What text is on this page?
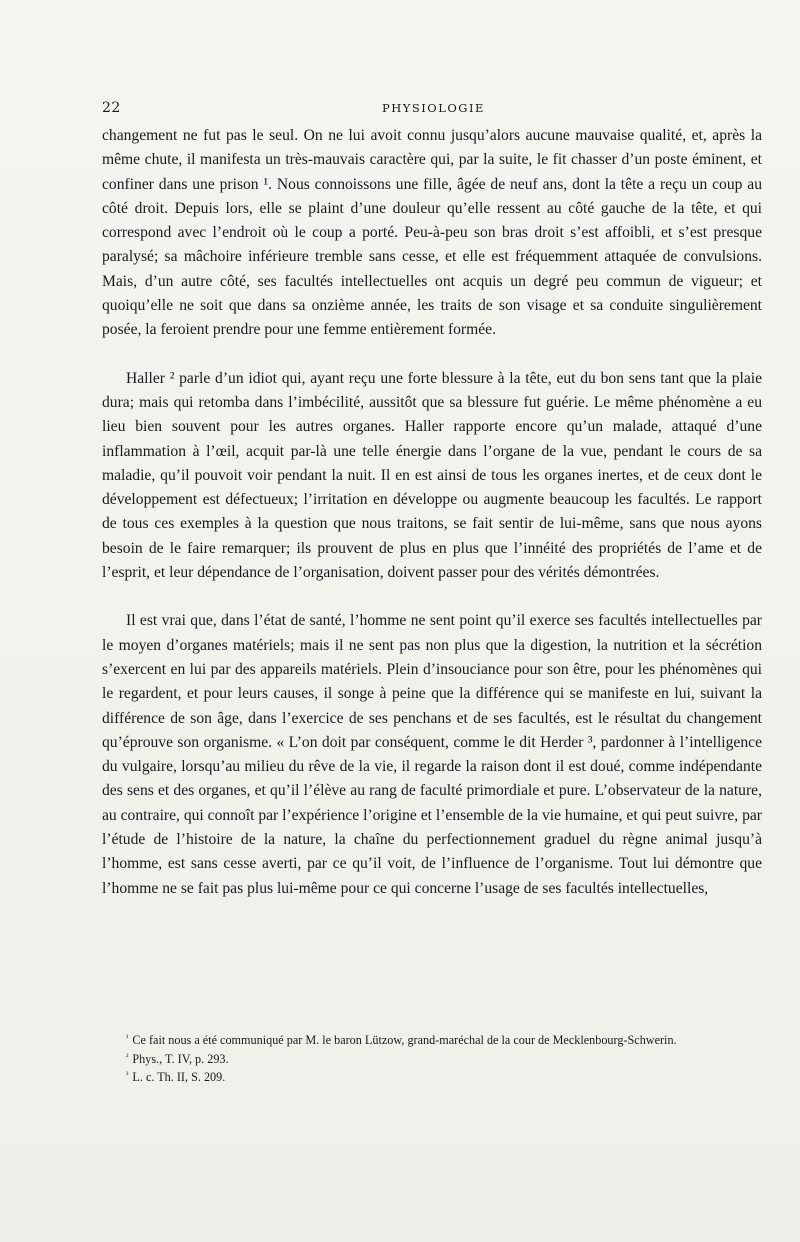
22	PHYSIOLOGIE

changement ne fut pas le seul. On ne lui avoit connu jusqu’alors aucune mauvaise qualité, et, après la même chute, il manifesta un très-mauvais caractère qui, par la suite, le fit chasser d’un poste éminent, et confiner dans une prison ¹. Nous connoissons une fille, âgée de neuf ans, dont la tête a reçu un coup au côté droit. Depuis lors, elle se plaint d’une douleur qu’elle ressent au côté gauche de la tête, et qui correspond avec l’endroit où le coup a porté. Peu-à-peu son bras droit s’est affoibli, et s’est presque paralysé; sa mâchoire inférieure tremble sans cesse, et elle est fréquemment attaquée de convulsions. Mais, d’un autre côté, ses facultés intellectuelles ont acquis un degré peu commun de vigueur; et quoiqu’elle ne soit que dans sa onzième année, les traits de son visage et sa conduite singulièrement posée, la feroient prendre pour une femme entièrement formée.

Haller ² parle d’un idiot qui, ayant reçu une forte blessure à la tête, eut du bon sens tant que la plaie dura; mais qui retomba dans l’imbécilité, aussitôt que sa blessure fut guérie. Le même phénomène a eu lieu bien souvent pour les autres organes. Haller rapporte encore qu’un malade, attaqué d’une inflammation à l’œil, acquit par-là une telle énergie dans l’organe de la vue, pendant le cours de sa maladie, qu’il pouvoit voir pendant la nuit. Il en est ainsi de tous les organes inertes, et de ceux dont le développement est défectueux; l’irritation en développe ou augmente beaucoup les facultés. Le rapport de tous ces exemples à la question que nous traitons, se fait sentir de lui-même, sans que nous ayons besoin de le faire remarquer; ils prouvent de plus en plus que l’innéité des propriétés de l’ame et de l’esprit, et leur dépendance de l’organisation, doivent passer pour des vérités démontrées.

Il est vrai que, dans l’état de santé, l’homme ne sent point qu’il exerce ses facultés intellectuelles par le moyen d’organes matériels; mais il ne sent pas non plus que la digestion, la nutrition et la sécrétion s’exercent en lui par des appareils matériels. Plein d’insouciance pour son être, pour les phénomènes qui le regardent, et pour leurs causes, il songe à peine que la différence qui se manifeste en lui, suivant la différence de son âge, dans l’exercice de ses penchans et de ses facultés, est le résultat du changement qu’éprouve son organisme. « L’on doit par conséquent, comme le dit Herder ³, pardonner à l’intelligence du vulgaire, lorsqu’au milieu du rêve de la vie, il regarde la raison dont il est doué, comme indépendante des sens et des organes, et qu’il l’élève au rang de faculté primordiale et pure. L’observateur de la nature, au contraire, qui connoît par l’expérience l’origine et l’ensemble de la vie humaine, et qui peut suivre, par l’étude de l’histoire de la nature, la chaîne du perfectionnement graduel du règne animal jusqu’à l’homme, est sans cesse averti, par ce qu’il voit, de l’influence de l’organisme. Tout lui démontre que l’homme ne se fait pas plus lui-même pour ce qui concerne l’usage de ses facultés intellectuelles,

$^{^1}$ Ce fait nous a été communiqué par M. le baron Lützow, grand-maréchal de la cour de Mecklenbourg-Schwerin.

$^{^2}$ Phys., T. IV, p. 293.

$^{^3}$ L. c. Th. II, S. 209.
